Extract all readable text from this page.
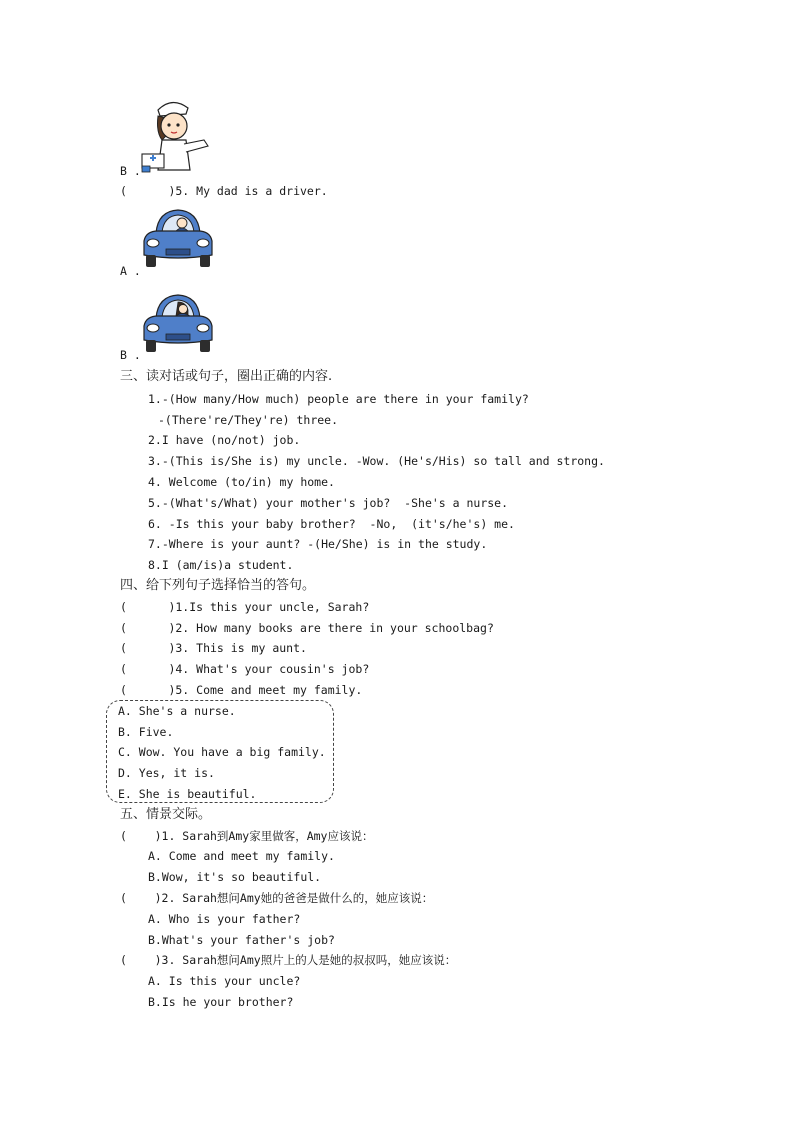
B .
(      )5. My dad is a driver.
A .
B .
三、读对话或句子，圈出正确的内容.
1.-(How many/How much) people are there in your family?
-(There're/They're) three.
2.I have (no/not) job.
3.-(This is/She is) my uncle. -Wow. (He's/His) so tall and strong.
4. Welcome (to/in) my home.
5.-(What's/What) your mother's job?  -She's a nurse.
6. -Is this your baby brother?  -No,  (it's/he's) me.
7.-Where is your aunt? -(He/She) is in the study.
8.I (am/is)a student.
四、给下列句子选择恰当的答句。
(      )1.Is this your uncle, Sarah?
(      )2. How many books are there in your schoolbag?
(      )3. This is my aunt.
(      )4. What's your cousin's job?
(      )5. Come and meet my family.
A. She's a nurse.
B. Five.
C. Wow. You have a big family.
D. Yes, it is.
E. She is beautiful.
五、情景交际。
(    )1. Sarah到Amy家里做客，Amy应该说：
A. Come and meet my family.
B.Wow, it's so beautiful.
(    )2. Sarah想问Amy她的爸爸是做什么的，她应该说：
A. Who is your father?
B.What's your father's job?
(    )3. Sarah想问Amy照片上的人是她的叔叔吗，她应该说：
A. Is this your uncle?
B.Is he your brother?
